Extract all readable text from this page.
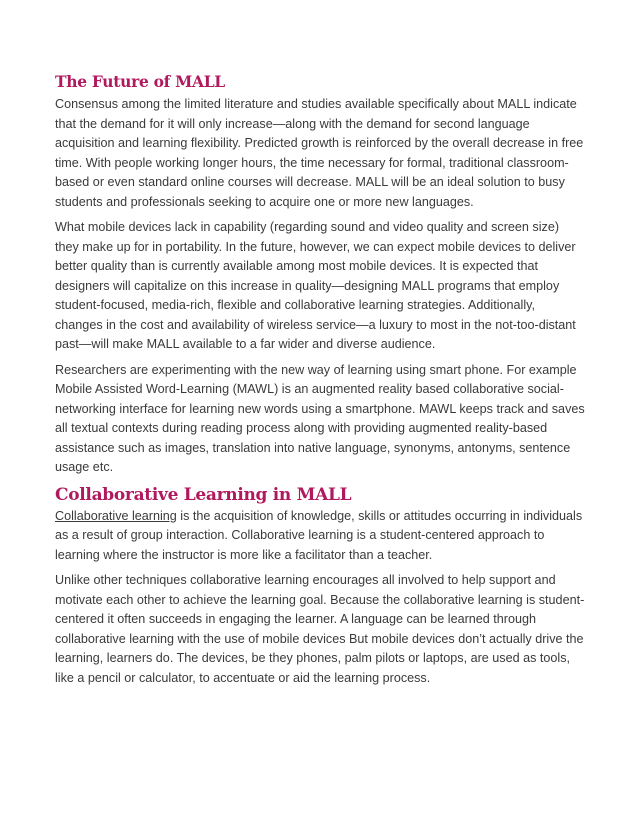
The Future of MALL

Consensus among the limited literature and studies available specifically about MALL indicate that the demand for it will only increase—along with the demand for second language acquisition and learning flexibility. Predicted growth is reinforced by the overall decrease in free time. With people working longer hours, the time necessary for formal, traditional classroom-based or even standard online courses will decrease. MALL will be an ideal solution to busy students and professionals seeking to acquire one or more new languages.

What mobile devices lack in capability (regarding sound and video quality and screen size) they make up for in portability. In the future, however, we can expect mobile devices to deliver better quality than is currently available among most mobile devices. It is expected that designers will capitalize on this increase in quality—designing MALL programs that employ student-focused, media-rich, flexible and collaborative learning strategies. Additionally, changes in the cost and availability of wireless service—a luxury to most in the not-too-distant past—will make MALL available to a far wider and diverse audience.

Researchers are experimenting with the new way of learning using smart phone. For example Mobile Assisted Word-Learning (MAWL) is an augmented reality based collaborative social-networking interface for learning new words using a smartphone. MAWL keeps track and saves all textual contexts during reading process along with providing augmented reality-based assistance such as images, translation into native language, synonyms, antonyms, sentence usage etc.

Collaborative Learning in MALL

Collaborative learning is the acquisition of knowledge, skills or attitudes occurring in individuals as a result of group interaction. Collaborative learning is a student-centered approach to learning where the instructor is more like a facilitator than a teacher.

Unlike other techniques collaborative learning encourages all involved to help support and motivate each other to achieve the learning goal. Because the collaborative learning is student-centered it often succeeds in engaging the learner. A language can be learned through collaborative learning with the use of mobile devices But mobile devices don’t actually drive the learning, learners do. The devices, be they phones, palm pilots or laptops, are used as tools, like a pencil or calculator, to accentuate or aid the learning process.
